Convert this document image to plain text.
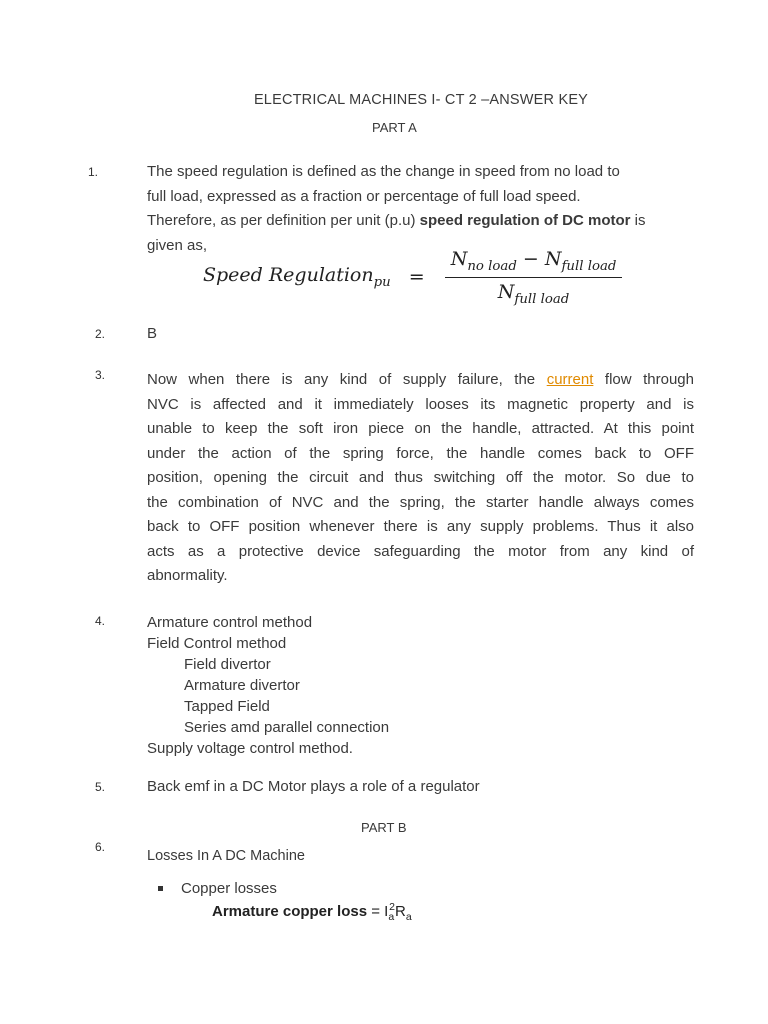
ELECTRICAL MACHINES I- CT 2 –ANSWER KEY
PART A
1.	The speed regulation is defined as the change in speed from no load to
full load, expressed as a fraction or percentage of full load speed.
Therefore, as per definition per unit (p.u) speed regulation of DC motor is
given as,
Speed Regulation$_{pu}$ = $\frac{N_{no load} - N_{full load}}{N_{full load}}$
2.	B
3.	Now when there is any kind of supply failure, the current flow through
NVC is affected and it immediately looses its magnetic property and is
unable to keep the soft iron piece on the handle, attracted. At this point
under the action of the spring force, the handle comes back to OFF
position, opening the circuit and thus switching off the motor. So due to
the combination of NVC and the spring, the starter handle always comes
back to OFF position whenever there is any supply problems. Thus it also
acts as a protective device safeguarding the motor from any kind of
abnormality.
4.	Armature control method
Field Control method
Field divertor
Armature divertor
Tapped Field
Series amd parallel connection
Supply voltage control method.
5.	Back emf in a DC Motor plays a role of a regulator
PART B
6.
Losses In A DC Machine
Copper losses
Armature copper loss = $I_a^2R_a$
